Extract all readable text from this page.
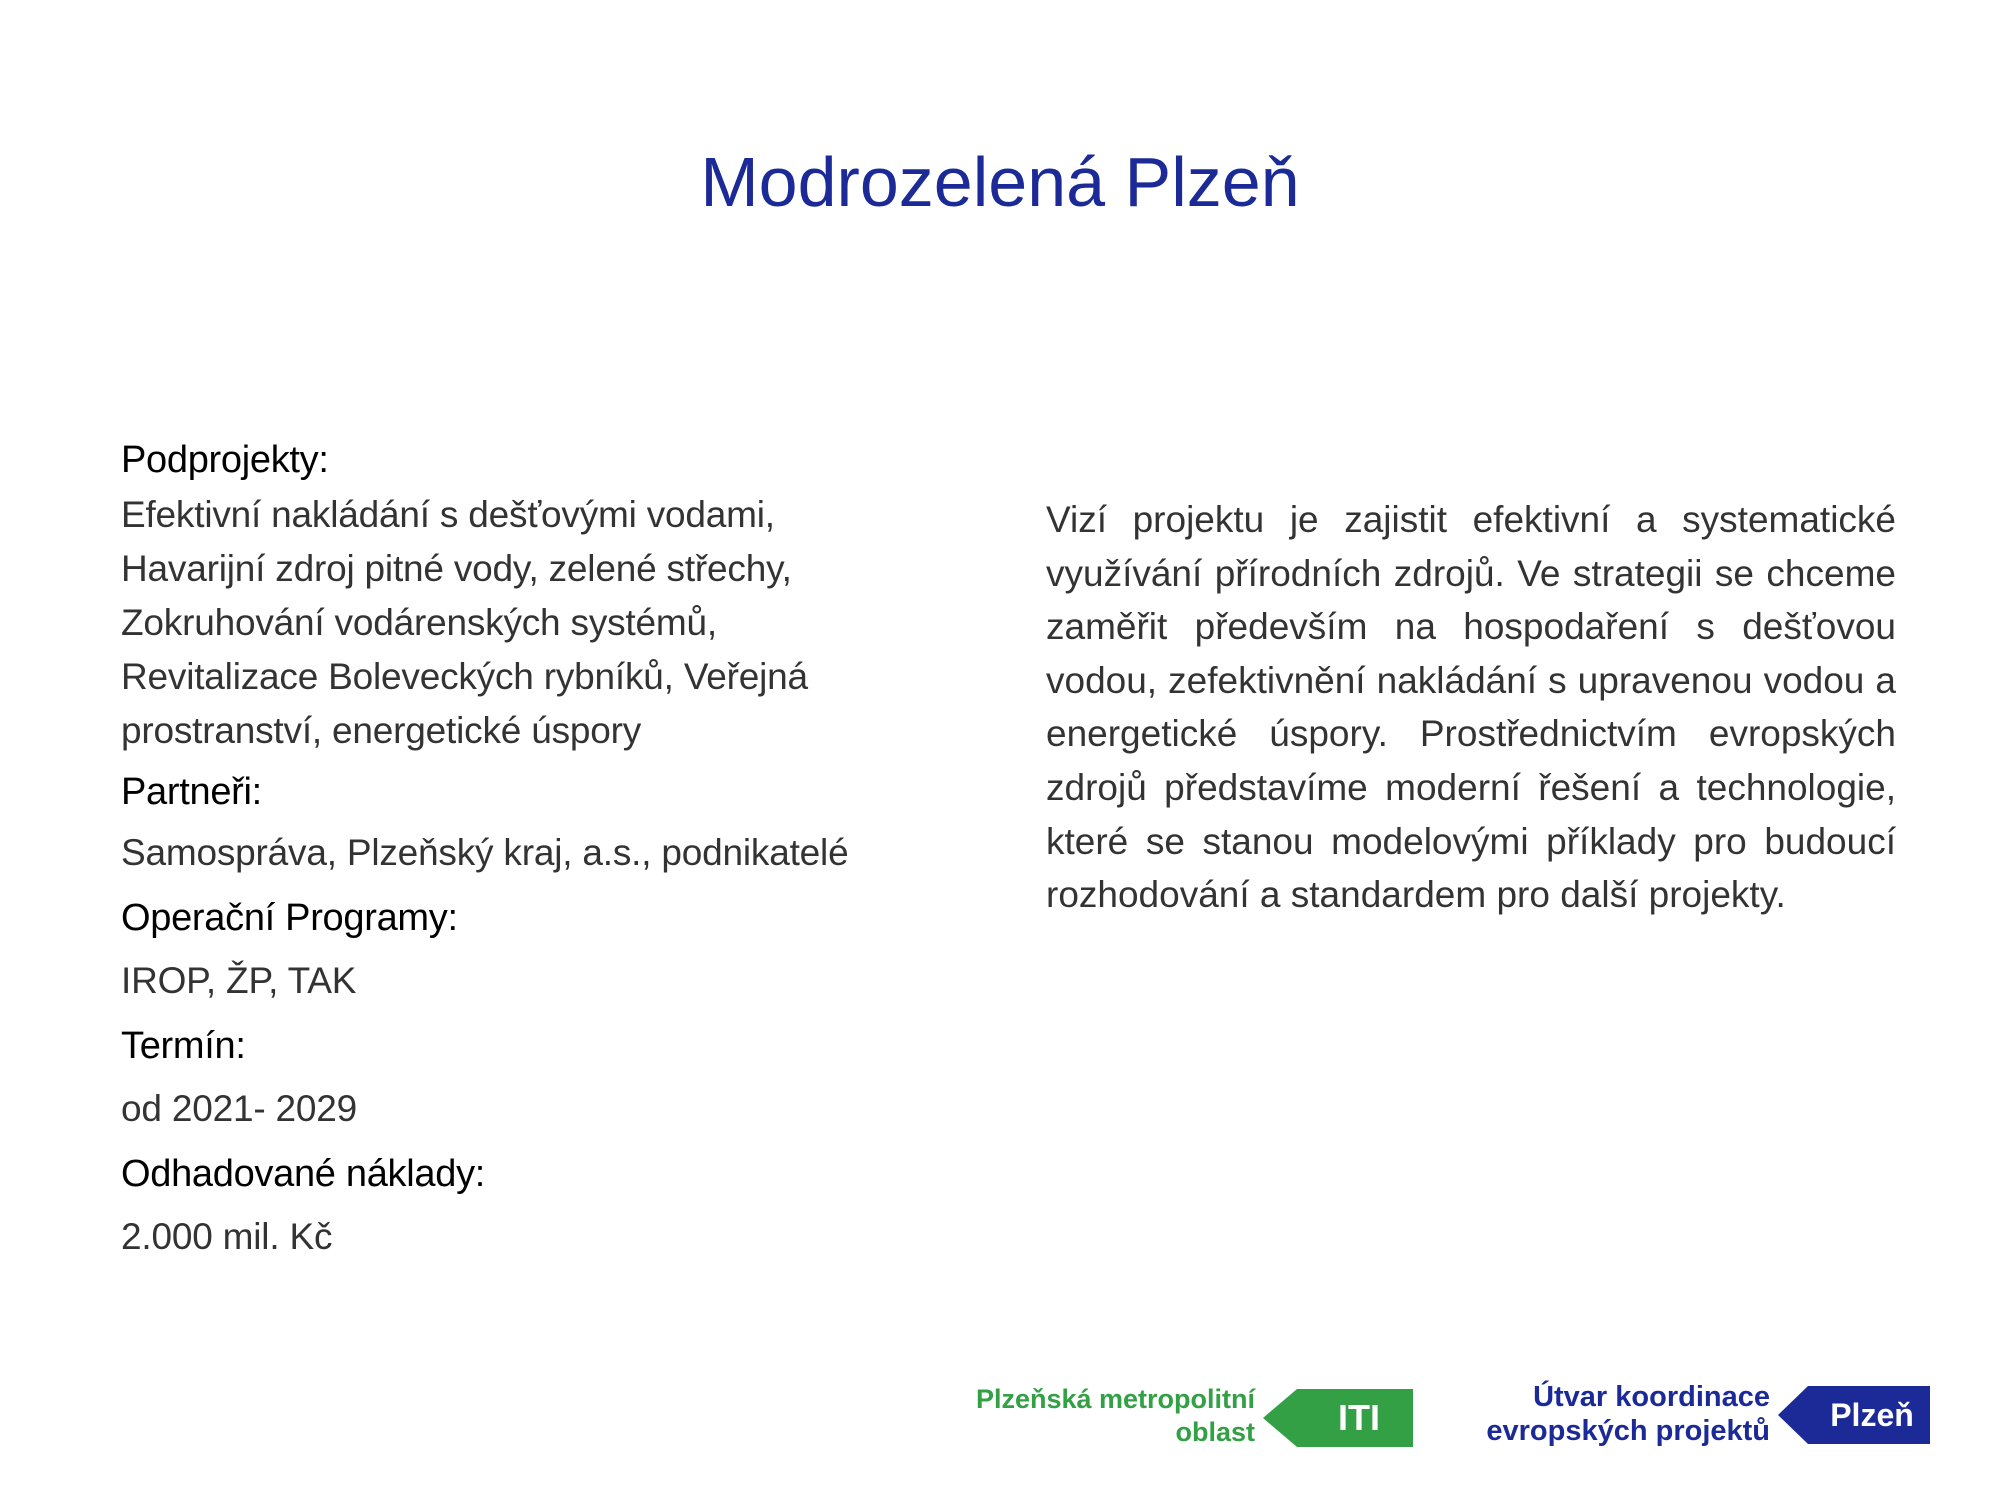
Modrozelená Plzeň

Podprojekty:

Efektivní nakládání s dešťovými vodami,
Havarijní zdroj pitné vody, zelené střechy,
Zokruhování vodárenských systémů,
Revitalizace Boleveckých rybníků, Veřejná
prostranství, energetické úspory

Partneři:

Samospráva, Plzeňský kraj, a.s., podnikatelé

Operační Programy:

IROP, ŽP, TAK

Termín:

od 2021- 2029

Odhadované náklady:

2.000 mil. Kč

Vizí projektu je zajistit efektivní a systematické využívání přírodních zdrojů. Ve strategii se chceme zaměřit především na hospodaření s dešťovou vodou, zefektivnění nakládání s upravenou vodou a energetické úspory. Prostřednictvím evropských zdrojů představíme moderní řešení a technologie, které se stanou modelovými příklady pro budoucí rozhodování a standardem pro další projekty.

Plzeňská metropolitní
oblast	ITI	Útvar koordinace
evropských projektů	Plzeň
